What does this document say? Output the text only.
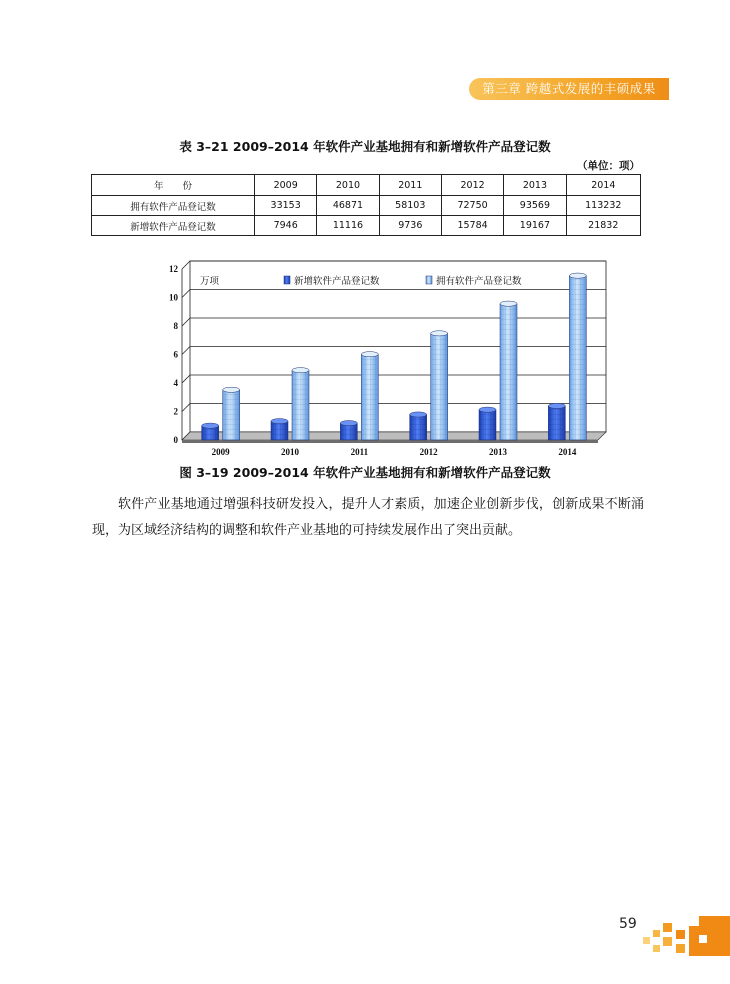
第三章 跨越式发展的丰硕成果
表 3–21 2009–2014 年软件产业基地拥有和新增软件产品登记数
（单位：项）
年　　份	2009	2010	2011	2012	2013	2014
拥有软件产品登记数	33153	46871	58103	72750	93569	113232
新增软件产品登记数	7946	11116	9736	15784	19167	21832
0
2
4
6
8
10
12
2009	2010	2011	2012	2013	2014
万项	新增软件产品登记数	拥有软件产品登记数
图 3–19 2009–2014 年软件产业基地拥有和新增软件产品登记数
软件产业基地通过增强科技研发投入，提升人才素质，加速企业创新步伐，创新成果不断涌现，为区域经济结构的调整和软件产业基地的可持续发展作出了突出贡献。
59
